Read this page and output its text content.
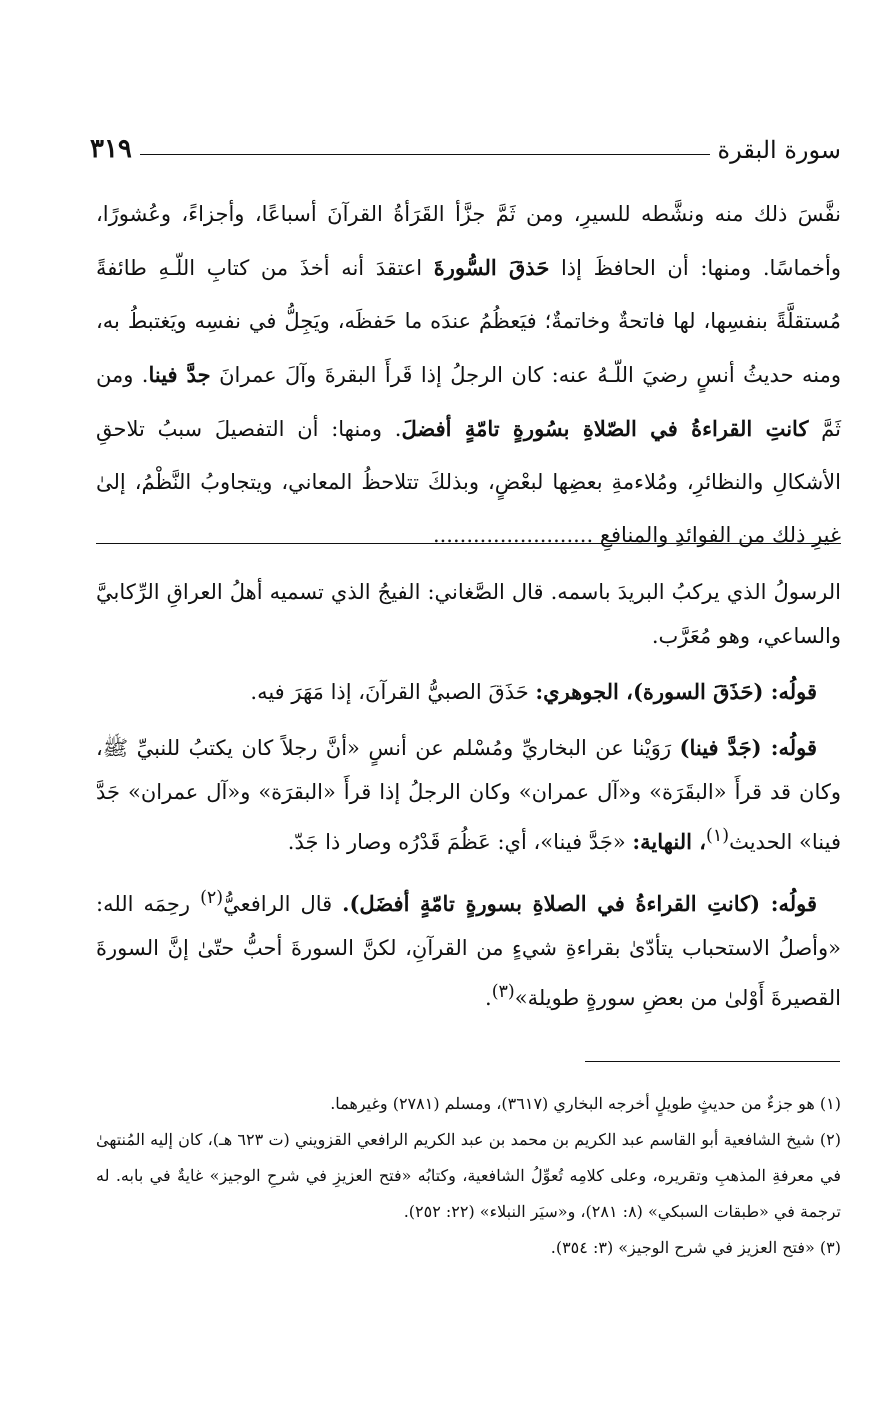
سورة البقرة
٣١٩

نفَّسَ ذلك منه ونشَّطه للسيرِ، ومن ثَمَّ جزَّأ القَرَأةُ القرآنَ أسباعًا، وأجزاءً، وعُشورًا، وأخماسًا. ومنها: أن الحافظَ إذا حَذقَ السُّورةَ اعتقدَ أنه أخذَ من كتابِ اللّـهِ طائفةً مُستقلَّةً بنفسِها، لها فاتحةٌ وخاتمةٌ؛ فيَعظُمُ عندَه ما حَفظَه، ويَجِلُّ في نفسِه ويَغتبطُ به، ومنه حديثُ أنسٍ رضيَ اللّـهُ عنه: كان الرجلُ إذا قَرأَ البقرةَ وآلَ عمرانَ جدَّ فينا. ومن ثَمَّ كانتِ القراءةُ في الصّلاةِ بسُورةٍ تامّةٍ أفضلَ. ومنها: أن التفصيلَ سببُ تلاحقِ الأشكالِ والنظائرِ، ومُلاءمةِ بعضِها لبعْضٍ، وبذلكَ تتلاحظُ المعاني، ويتجاوبُ النَّظْمُ، إلىٰ غيرِ ذلك من الفوائدِ والمنافعِ ........................

الرسولُ الذي يركبُ البريدَ باسمه. قال الصَّغاني: الفيجُ الذي تسميه أهلُ العراقِ الرِّكابيَّ والساعي، وهو مُعَرَّب.

قولُه: (حَذَقَ السورة)، الجوهري: حَذَقَ الصبيُّ القرآنَ، إذا مَهَرَ فيه.

قولُه: (جَدَّ فينا) رَوَيْنا عن البخاريِّ ومُسْلم عن أنسٍ «أنَّ رجلاً كان يكتبُ للنبيِّ ﷺ، وكان قد قرأَ «البقَرَة» و«آل عمران» وكان الرجلُ إذا قرأَ «البقرَة» و«آل عمران» جَدَّ فينا» الحديث$^{(١)}$، النهاية: «جَدَّ فينا»، أي: عَظُمَ قَدْرُه وصار ذا جَدّ.

قولُه: (كانتِ القراءةُ في الصلاةِ بسورةٍ تامّةٍ أفضَل). قال الرافعيُّ$^{(٢)}$ رحِمَه الله: «وأصلُ الاستحباب يتأدّىٰ بقراءةِ شيءٍ من القرآنِ، لكنَّ السورةَ أحبُّ حتّىٰ إنَّ السورةَ القصيرةَ أَوْلىٰ من بعضِ سورةٍ طويلة»$^{(٣)}$.

(١) هو جزءٌ من حديثٍ طويلٍ أخرجه البخاري (٣٦١٧)، ومسلم (٢٧٨١) وغيرهما.

(٢) شيخ الشافعية أبو القاسم عبد الكريم بن محمد بن عبد الكريم الرافعي القزويني (ت ٦٢٣ هـ)، كان إليه المُنتهىٰ في معرفةِ المذهبِ وتقريره، وعلى كلامِه تُعوِّلُ الشافعية، وكتابُه «فتح العزيزِ في شرحِ الوجيز» غايةٌ في بابه. له ترجمة في «طبقات السبكي» (٨: ٢٨١)، و«سيَر النبلاء» (٢٢: ٢٥٢).

(٣) «فتح العزيز في شرح الوجيز» (٣: ٣٥٤).
